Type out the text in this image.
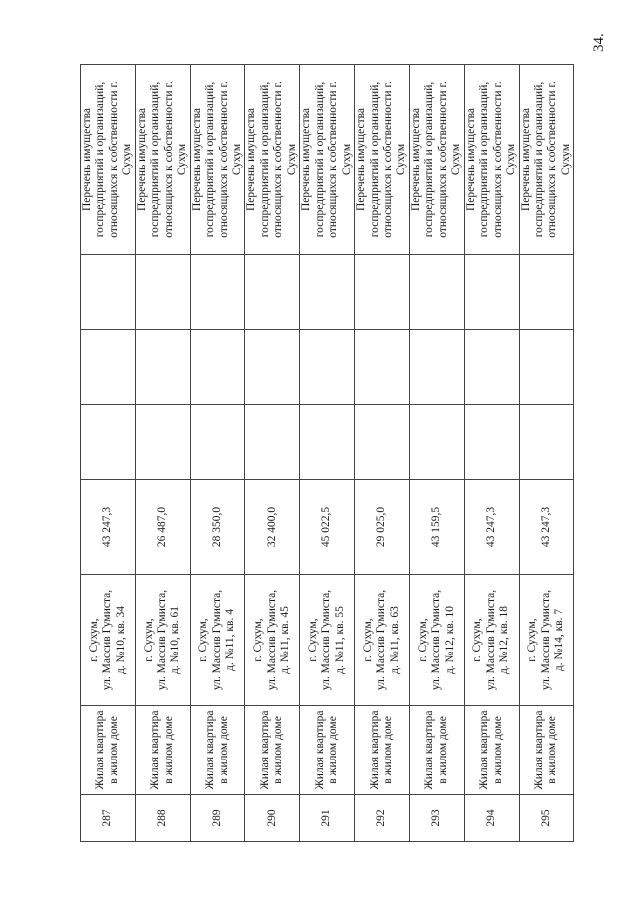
34.
287	Жилая квартира в жилом доме	г. Сухум, ул. Массив Гумиста, д. №10, кв. 34	43 247,3				Перечень имущества госпредприятий и организаций, относящихся к собственности г. Сухум
288	Жилая квартира в жилом доме	г. Сухум, ул. Массив Гумиста, д. №10, кв. 61	26 487,0				Перечень имущества госпредприятий и организаций, относящихся к собственности г. Сухум
289	Жилая квартира в жилом доме	г. Сухум, ул. Массив Гумиста, д. №11, кв. 4	28 350,0				Перечень имущества госпредприятий и организаций, относящихся к собственности г. Сухум
290	Жилая квартира в жилом доме	г. Сухум, ул. Массив Гумиста, д. №11, кв. 45	32 400,0				Перечень имущества госпредприятий и организаций, относящихся к собственности г. Сухум
291	Жилая квартира в жилом доме	г. Сухум, ул. Массив Гумиста, д. №11, кв. 55	45 022,5				Перечень имущества госпредприятий и организаций, относящихся к собственности г. Сухум
292	Жилая квартира в жилом доме	г. Сухум, ул. Массив Гумиста, д. №11, кв. 63	29 025,0				Перечень имущества госпредприятий и организаций, относящихся к собственности г. Сухум
293	Жилая квартира в жилом доме	г. Сухум, ул. Массив Гумиста, д. №12, кв. 10	43 159,5				Перечень имущества госпредприятий и организаций, относящихся к собственности г. Сухум
294	Жилая квартира в жилом доме	г. Сухум, ул. Массив Гумиста, д. №12, кв. 18	43 247,3				Перечень имущества госпредприятий и организаций, относящихся к собственности г. Сухум
295	Жилая квартира в жилом доме	г. Сухум, ул. Массив Гумиста, д. №14, кв. 7	43 247,3				Перечень имущества госпредприятий и организаций, относящихся к собственности г. Сухум
